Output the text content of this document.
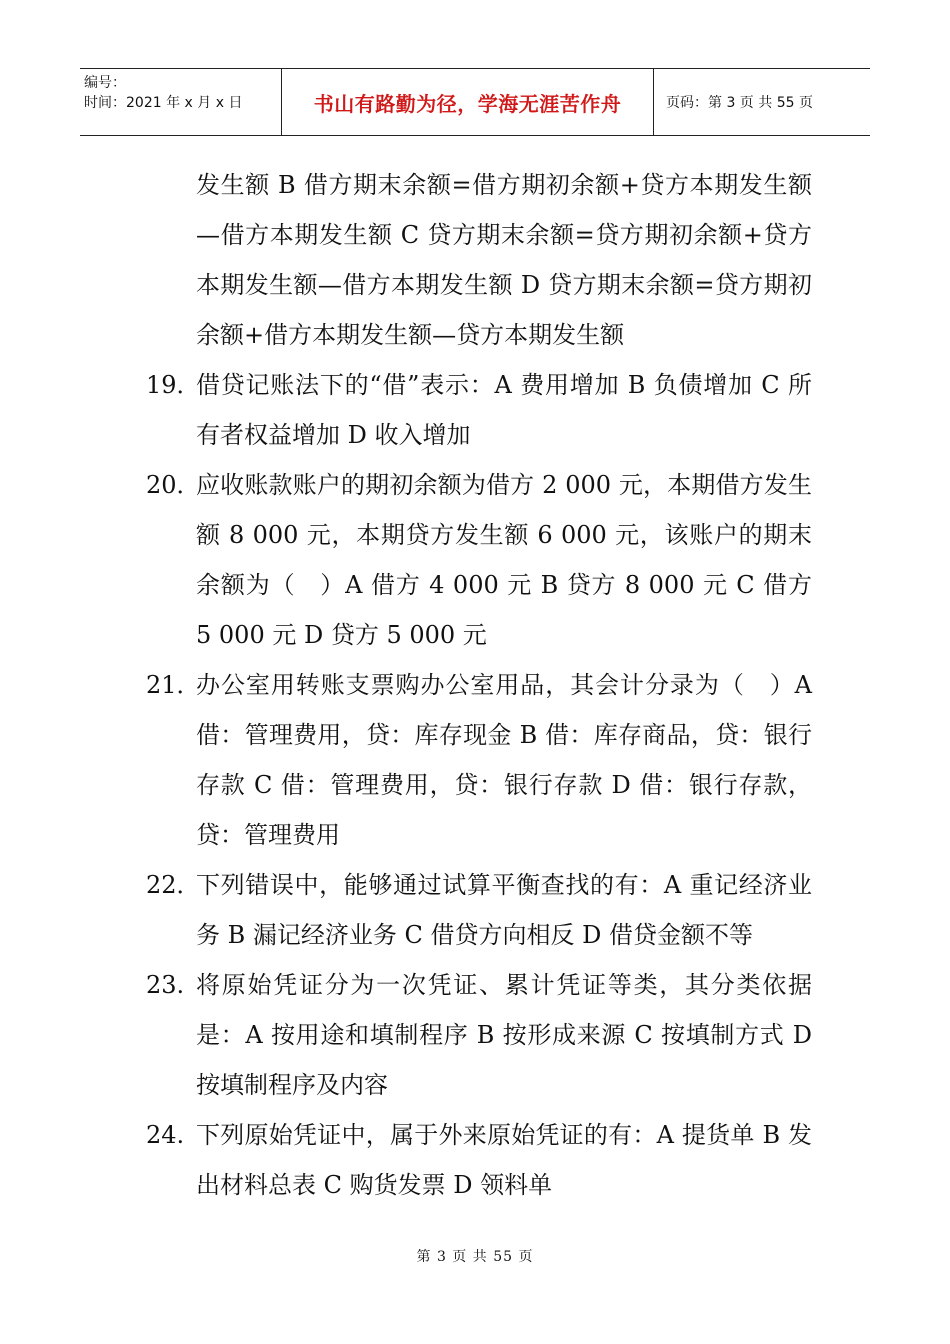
编号：
时间：2021 年 x 月 x 日	书山有路勤为径，学海无涯苦作舟	页码：第 3 页 共 55 页
发生额 B 借方期末余额=借方期初余额+贷方本期发生额—借方本期发生额 C 贷方期末余额=贷方期初余额+贷方本期发生额—借方本期发生额 D 贷方期末余额=贷方期初余额+借方本期发生额—贷方本期发生额
19．
借贷记账法下的“借”表示：A 费用增加 B 负债增加 C 所有者权益增加 D 收入增加
20．
应收账款账户的期初余额为借方 2 000 元，本期借方发生额 8 000 元，本期贷方发生额 6 000 元，该账户的期末余额为（　）A 借方 4 000 元 B 贷方 8 000 元 C 借方 5 000 元 D 贷方 5 000 元
21．
办公室用转账支票购办公室用品，其会计分录为（　）A 借：管理费用，贷：库存现金 B 借：库存商品，贷：银行存款 C 借：管理费用，贷：银行存款 D 借：银行存款，贷：管理费用
22．
下列错误中，能够通过试算平衡查找的有：A 重记经济业务 B 漏记经济业务 C 借贷方向相反 D 借贷金额不等
23. 将原始凭证分为一次凭证、累计凭证等类，其分类依据是：A 按用途和填制程序 B 按形成来源 C 按填制方式 D 按填制程序及内容
24. 下列原始凭证中，属于外来原始凭证的有：A 提货单 B 发出材料总表 C 购货发票 D 领料单
第 3 页 共 55 页
